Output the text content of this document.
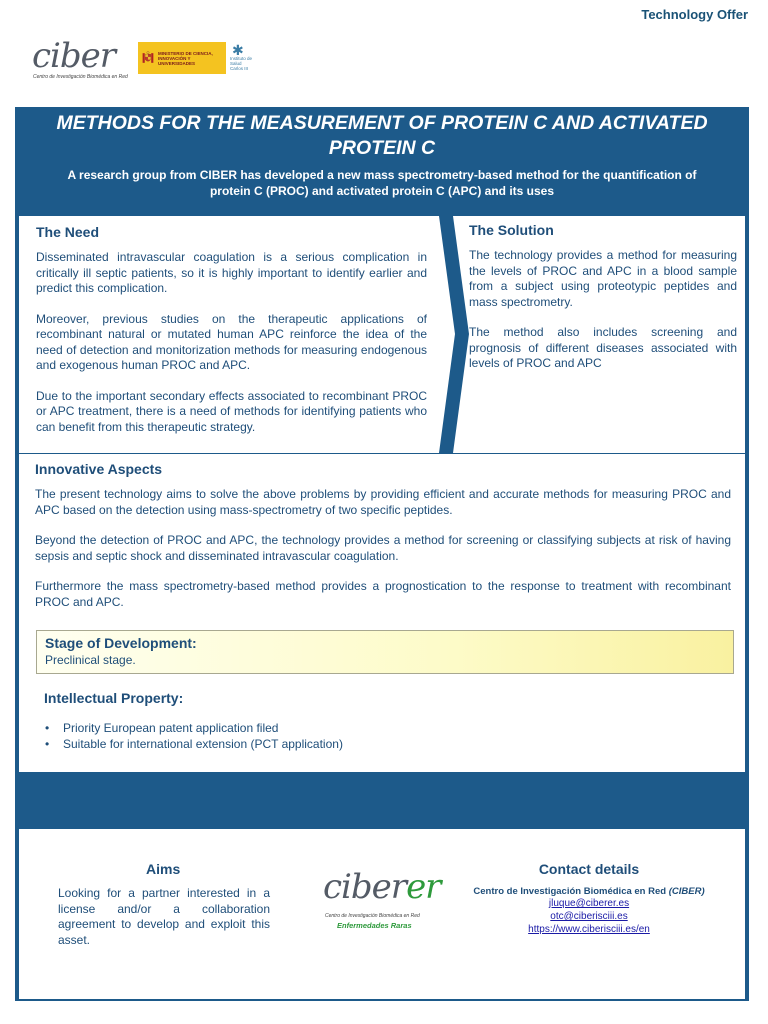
Technology Offer
ciber
Centro de Investigación Biomédica en Red
MINISTERIO DE CIENCIA, INNOVACIÓN Y UNIVERSIDADES
✱
Instituto de Salud Carlos III
METHODS FOR THE MEASUREMENT OF PROTEIN C AND ACTIVATED PROTEIN C
A research group from CIBER has developed a new mass spectrometry-based method for the quantification of protein C (PROC) and activated protein C (APC) and its uses
The Need

Disseminated intravascular coagulation is a serious complication in critically ill septic patients, so it is highly important to identify earlier and predict this complication.

Moreover, previous studies on the therapeutic applications of recombinant natural or mutated human APC reinforce the idea of the need of detection and monitorization methods for measuring endogenous and exogenous human PROC and APC.

Due to the important secondary effects associated to recombinant PROC or APC treatment, there is a need of methods for identifying patients who can benefit from this therapeutic strategy.

The Solution

The technology provides a method for measuring the levels of PROC and APC in a blood sample from a subject using proteotypic peptides and mass spectrometry.

The method also includes screening and prognosis of different diseases associated with levels of PROC and APC

Innovative Aspects

The present technology aims to solve the above problems by providing efficient and accurate methods for measuring PROC and APC based on the detection using mass-spectrometry of two specific peptides.

Beyond the detection of PROC and APC, the technology provides a method for screening or classifying subjects at risk of having sepsis and septic shock and disseminated intravascular coagulation.

Furthermore the mass spectrometry-based method provides a prognostication to the response to treatment with recombinant PROC and APC.

Stage of Development:
Preclinical stage.
Intellectual Property:
• Priority European patent application filed
• Suitable for international extension (PCT application)
Aims

Looking for a partner interested in a license and/or a collaboration agreement to develop and exploit this asset.

ciberer
Centro de Investigación Biomédica en Red
Enfermedades Raras
Contact details
Centro de Investigación Biomédica en Red (CIBER)
jluque@ciberer.es
otc@ciberisciii.es
https://www.ciberisciii.es/en
